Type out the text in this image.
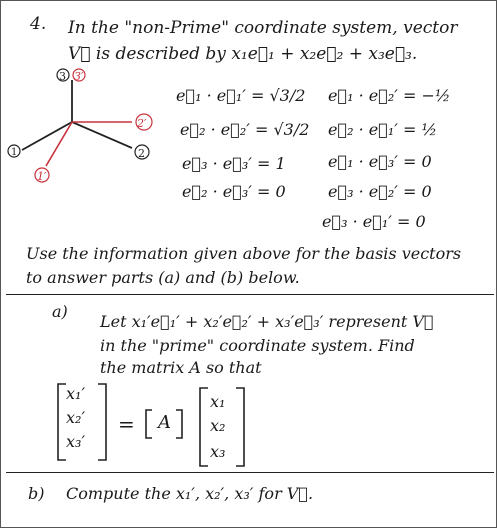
4. In the "non-Prime" coordinate system, vector
V⃗ is described by x₁e⃗₁ + x₂e⃗₂ + x₃e⃗₃.
3 3′
2′
2
1
1′
e⃗₁ · e⃗₁′ = √3/2
e⃗₂ · e⃗₂′ = √3/2
e⃗₃ · e⃗₃′ = 1
e⃗₂ · e⃗₃′ = 0
e⃗₁ · e⃗₂′ = −½
e⃗₂ · e⃗₁′ = ½
e⃗₁ · e⃗₃′ = 0
e⃗₃ · e⃗₂′ = 0
e⃗₃ · e⃗₁′ = 0
Use the information given above for the basis vectors
to answer parts (a) and (b) below.
a)
Let x₁′e⃗₁′ + x₂′e⃗₂′ + x₃′e⃗₃′ represent V⃗
in the "prime" coordinate system. Find
the matrix A so that
x₁′
x₂′
x₃′
= A
x₁
x₂
x₃
b) Compute the x₁′, x₂′, x₃′ for V⃗.
